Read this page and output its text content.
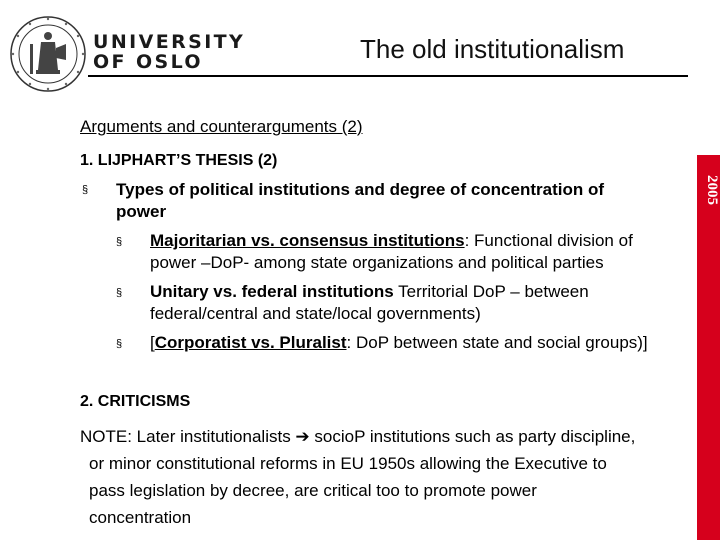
UNIVERSITY
OF OSLO	The old institutionalism
2005
Arguments and counterarguments (2)
1. LIJPHART’S THESIS (2)
§ Types of political institutions and degree of concentration of power
§ Majoritarian vs. consensus institutions: Functional division of power –DoP- among state organizations and political parties
§ Unitary vs. federal institutions Territorial DoP – between federal/central and state/local governments)
§ [Corporatist vs. Pluralist: DoP between state and social groups)]
2. CRITICISMS
NOTE: Later institutionalists ➔ socioP institutions such as party discipline,
or minor constitutional reforms in EU 1950s allowing the Executive to
pass legislation by decree, are critical too to promote power
concentration
